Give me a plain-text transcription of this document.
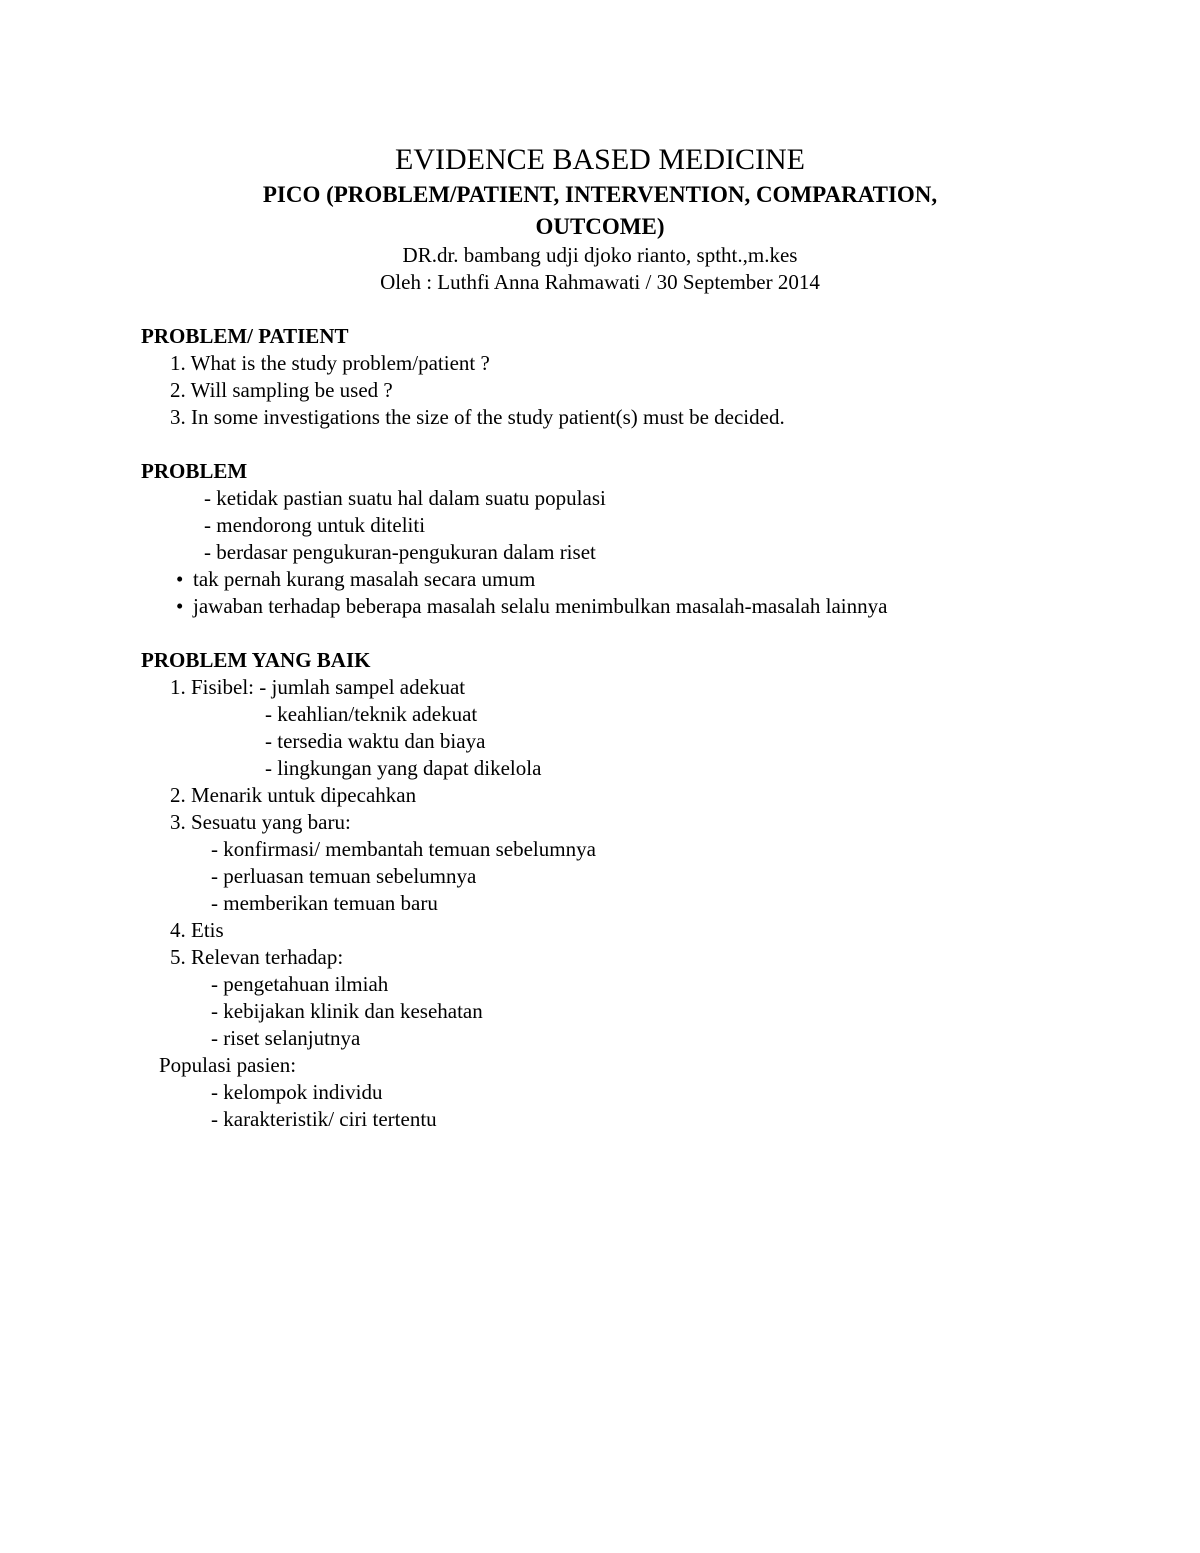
EVIDENCE BASED MEDICINE
PICO (PROBLEM/PATIENT, INTERVENTION, COMPARATION,
OUTCOME)
DR.dr. bambang udji djoko rianto, sptht.,m.kes
Oleh : Luthfi Anna Rahmawati / 30 September 2014
PROBLEM/ PATIENT
1. What is the study problem/patient ?
2. Will sampling be used ?
3. In some investigations the size of the study patient(s) must be decided.
PROBLEM
- ketidak pastian suatu hal dalam suatu populasi
- mendorong untuk diteliti
- berdasar pengukuran-pengukuran dalam riset
• tak pernah kurang masalah secara umum
• jawaban terhadap beberapa masalah selalu menimbulkan masalah-masalah lainnya
PROBLEM YANG BAIK
1. Fisibel: - jumlah sampel adekuat
- keahlian/teknik adekuat
- tersedia waktu dan biaya
- lingkungan yang dapat dikelola
2. Menarik untuk dipecahkan
3. Sesuatu yang baru:
- konfirmasi/ membantah temuan sebelumnya
- perluasan temuan sebelumnya
- memberikan temuan baru
4. Etis
5. Relevan terhadap:
- pengetahuan ilmiah
- kebijakan klinik dan kesehatan
- riset selanjutnya
Populasi pasien:
- kelompok individu
- karakteristik/ ciri tertentu
